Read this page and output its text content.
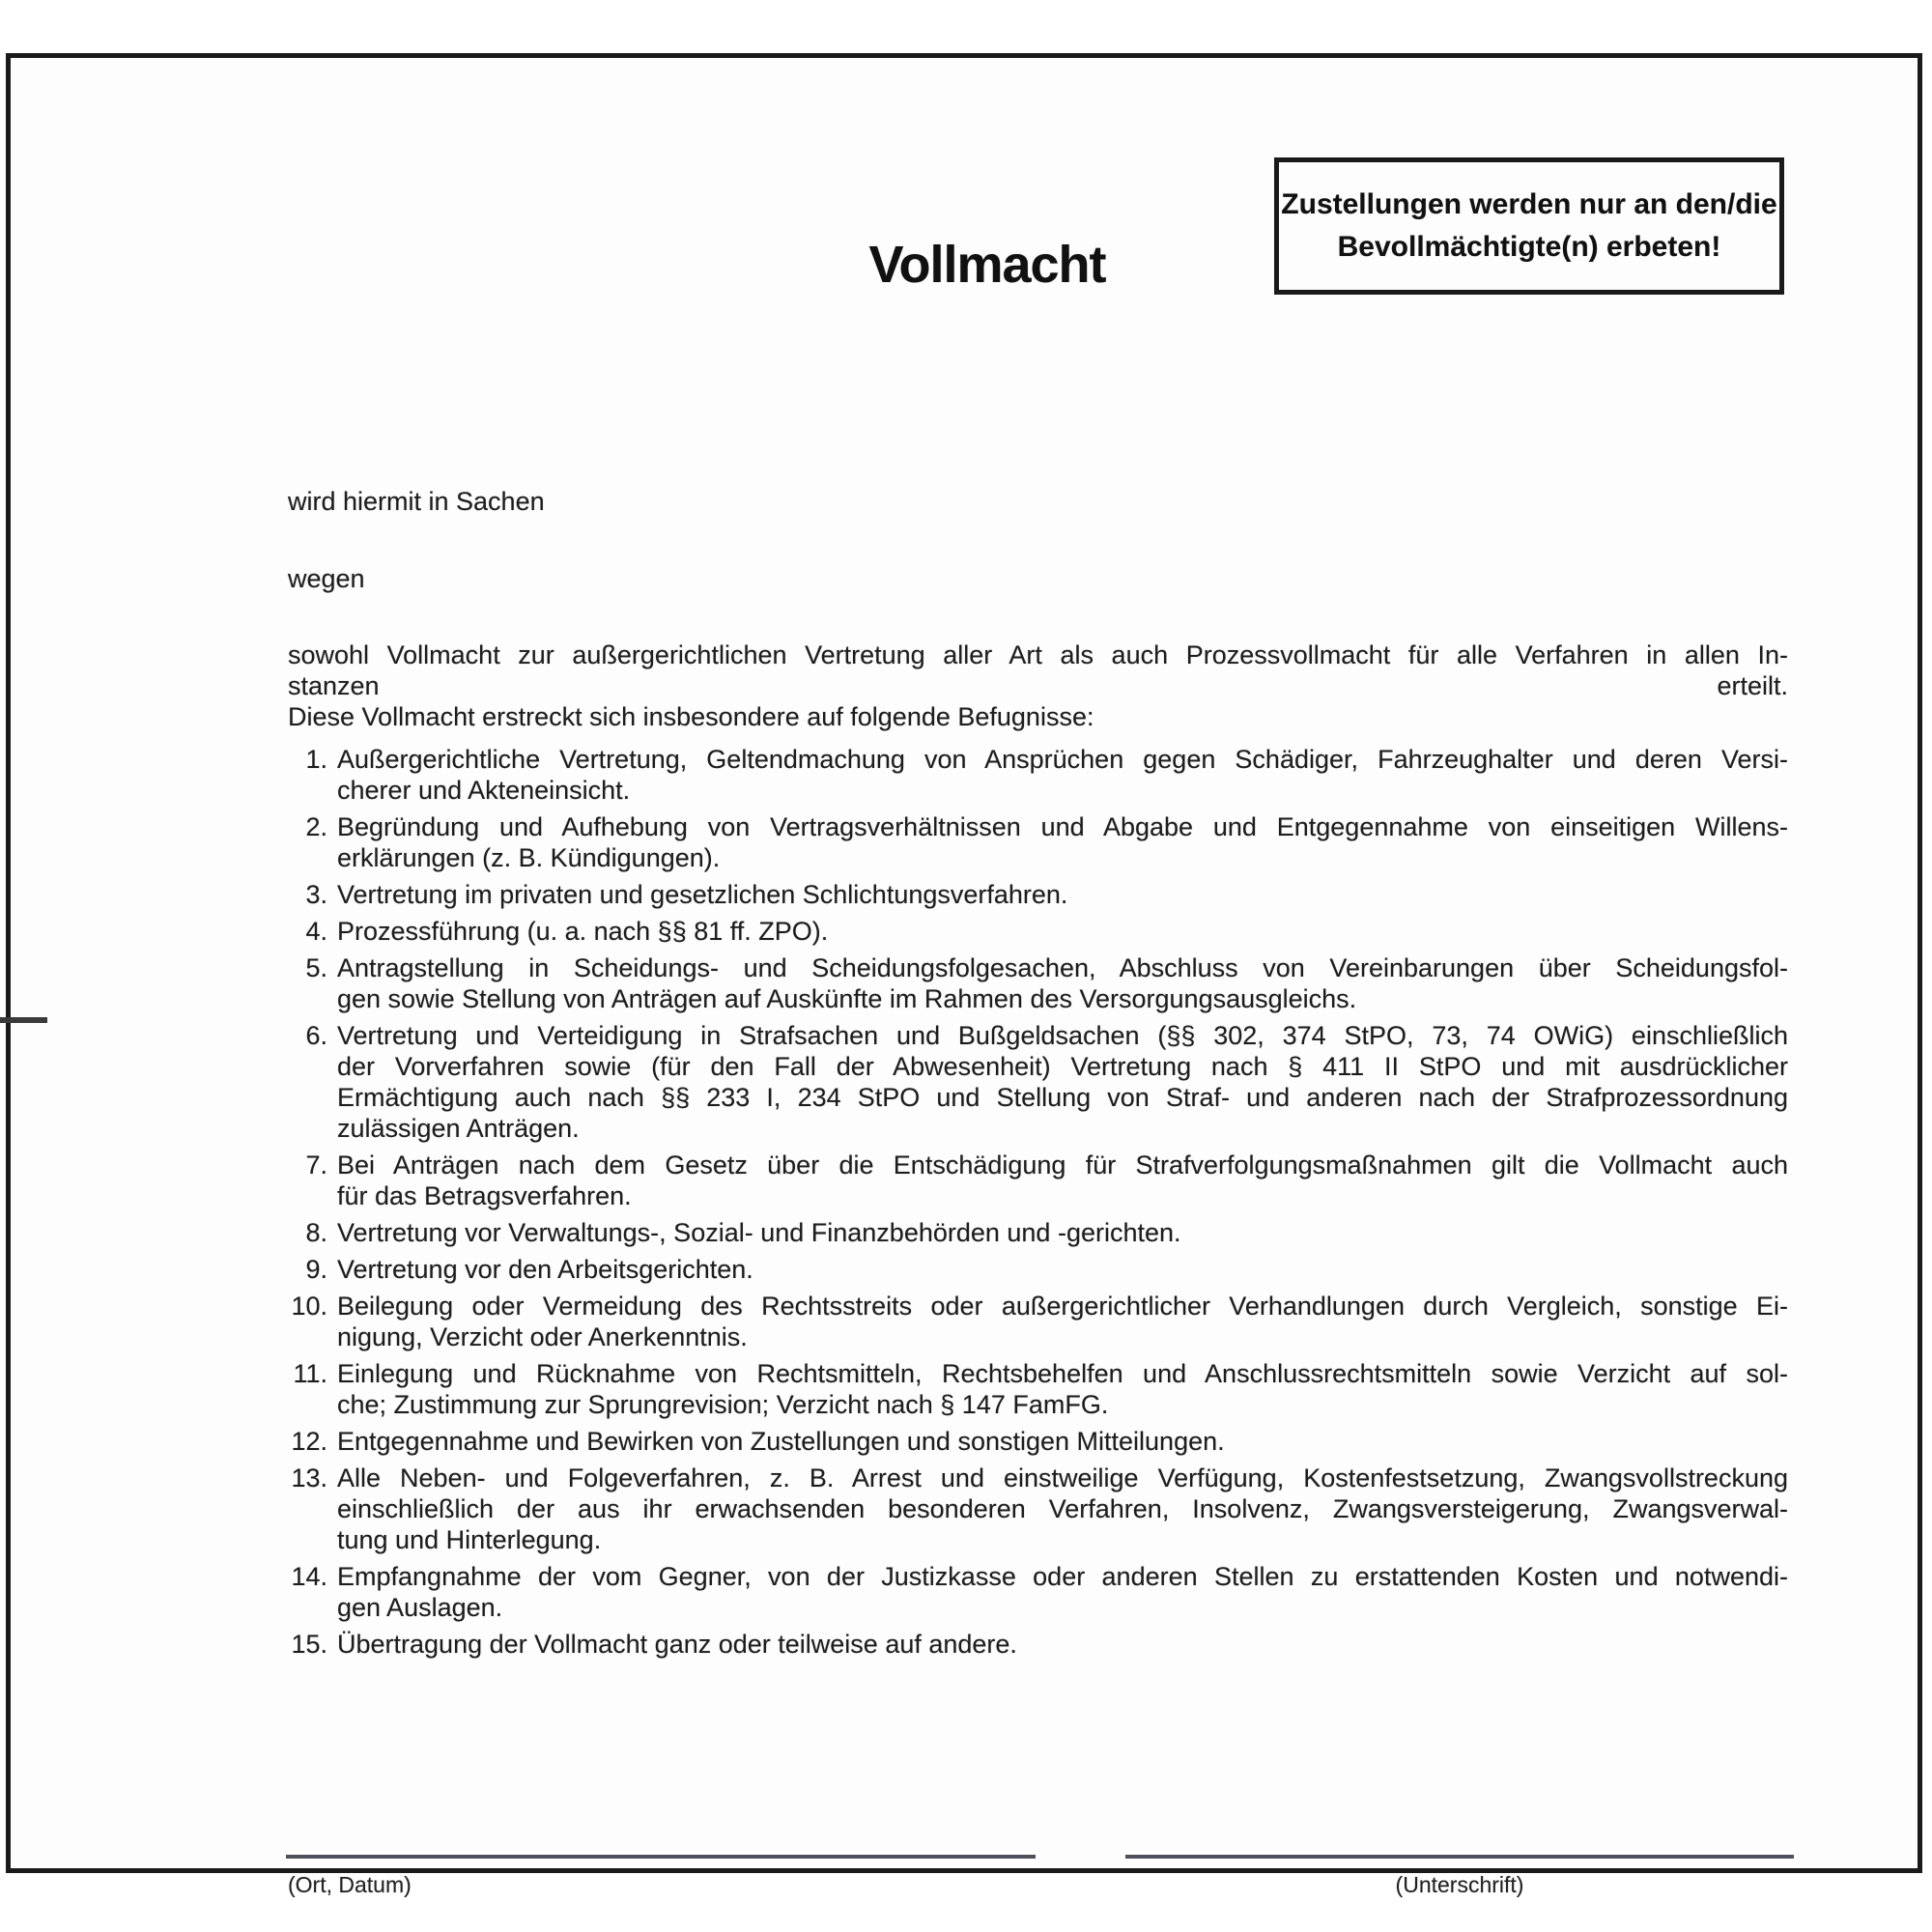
Vollmacht
Zustellungen werden nur an den/die
Bevollmächtigte(n) erbeten!
wird hiermit in Sachen
wegen
sowohl Vollmacht zur außergerichtlichen Vertretung aller Art als auch Prozessvollmacht für alle Verfahren in allen In-
stanzen erteilt.
Diese Vollmacht erstreckt sich insbesondere auf folgende Befugnisse:
1. Außergerichtliche Vertretung, Geltendmachung von Ansprüchen gegen Schädiger, Fahrzeughalter und deren Versi-
cherer und Akteneinsicht.
2. Begründung und Aufhebung von Vertragsverhältnissen und Abgabe und Entgegennahme von einseitigen Willens-
erklärungen (z. B. Kündigungen).
3. Vertretung im privaten und gesetzlichen Schlichtungsverfahren.
4. Prozessführung (u. a. nach §§ 81 ff. ZPO).
5. Antragstellung in Scheidungs- und Scheidungsfolgesachen, Abschluss von Vereinbarungen über Scheidungsfol-
gen sowie Stellung von Anträgen auf Auskünfte im Rahmen des Versorgungsausgleichs.
6. Vertretung und Verteidigung in Strafsachen und Bußgeldsachen (§§ 302, 374 StPO, 73, 74 OWiG) einschließlich
der Vorverfahren sowie (für den Fall der Abwesenheit) Vertretung nach § 411 II StPO und mit ausdrücklicher
Ermächtigung auch nach §§ 233 I, 234 StPO und Stellung von Straf- und anderen nach der Strafprozessordnung
zulässigen Anträgen.
7. Bei Anträgen nach dem Gesetz über die Entschädigung für Strafverfolgungsmaßnahmen gilt die Vollmacht auch
für das Betragsverfahren.
8. Vertretung vor Verwaltungs-, Sozial- und Finanzbehörden und -gerichten.
9. Vertretung vor den Arbeitsgerichten.
10. Beilegung oder Vermeidung des Rechtsstreits oder außergerichtlicher Verhandlungen durch Vergleich, sonstige Ei-
nigung, Verzicht oder Anerkenntnis.
11. Einlegung und Rücknahme von Rechtsmitteln, Rechtsbehelfen und Anschlussrechtsmitteln sowie Verzicht auf sol-
che; Zustimmung zur Sprungrevision; Verzicht nach § 147 FamFG.
12. Entgegennahme und Bewirken von Zustellungen und sonstigen Mitteilungen.
13. Alle Neben- und Folgeverfahren, z. B. Arrest und einstweilige Verfügung, Kostenfestsetzung, Zwangsvollstreckung
einschließlich der aus ihr erwachsenden besonderen Verfahren, Insolvenz, Zwangsversteigerung, Zwangsverwal-
tung und Hinterlegung.
14. Empfangnahme der vom Gegner, von der Justizkasse oder anderen Stellen zu erstattenden Kosten und notwendi-
gen Auslagen.
15. Übertragung der Vollmacht ganz oder teilweise auf andere.
(Ort, Datum)	(Unterschrift)
